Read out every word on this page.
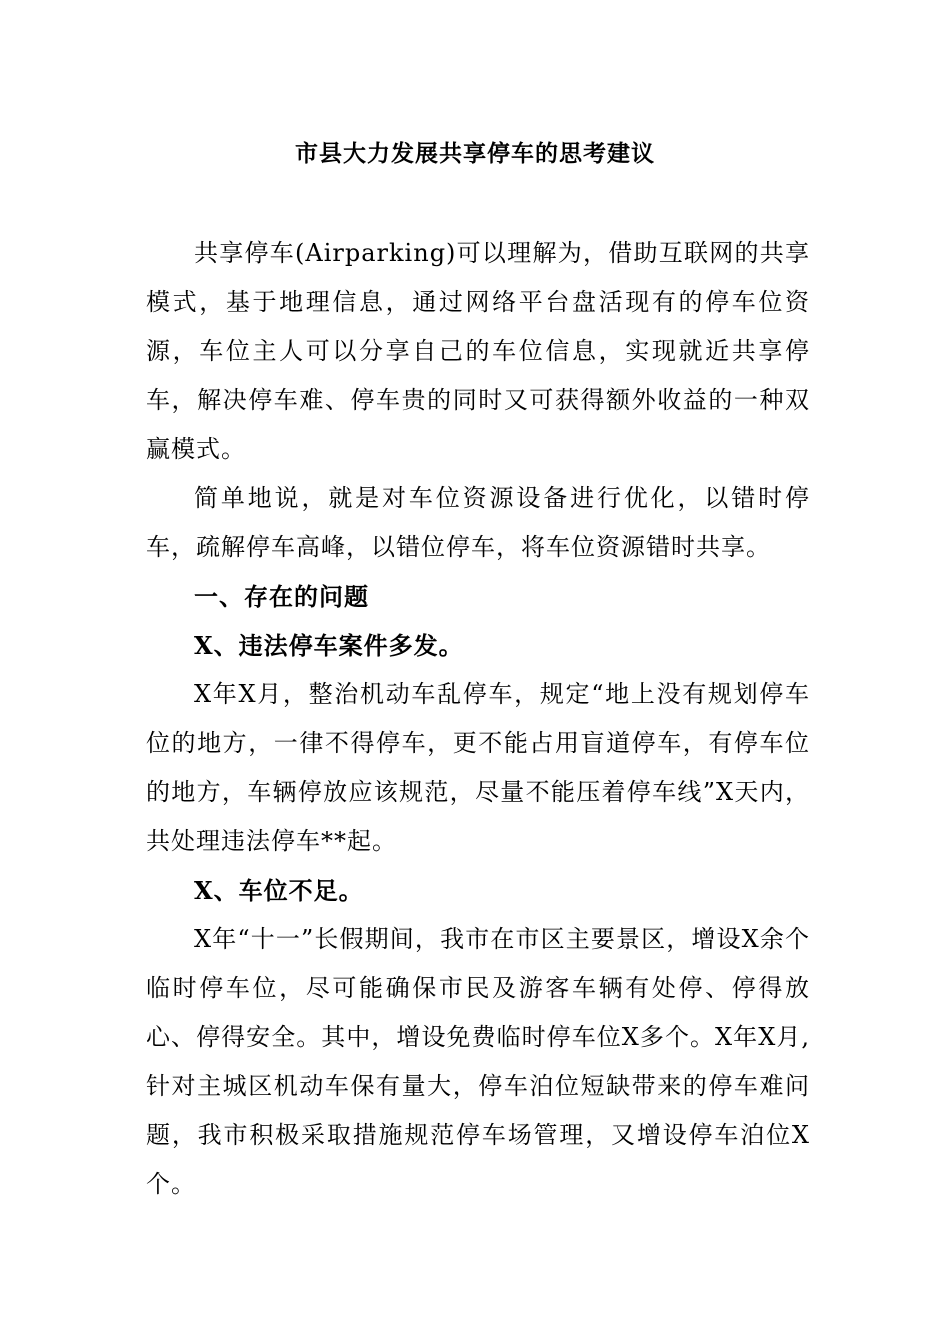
市县大力发展共享停车的思考建议

共享停车(Airparking)可以理解为，借助互联网的共享模式，基于地理信息，通过网络平台盘活现有的停车位资源，车位主人可以分享自己的车位信息，实现就近共享停车，解决停车难、停车贵的同时又可获得额外收益的一种双赢模式。

简单地说，就是对车位资源设备进行优化，以错时停车，疏解停车高峰，以错位停车，将车位资源错时共享。

一、存在的问题

X、违法停车案件多发。

X年X月，整治机动车乱停车，规定“地上没有规划停车位的地方，一律不得停车，更不能占用盲道停车，有停车位的地方，车辆停放应该规范，尽量不能压着停车线”X天内，共处理违法停车**起。

X、车位不足。

X年“十一”长假期间，我市在市区主要景区，增设X余个临时停车位，尽可能确保市民及游客车辆有处停、停得放心、停得安全。其中，增设免费临时停车位X多个。X年X月,针对主城区机动车保有量大，停车泊位短缺带来的停车难问题，我市积极采取措施规范停车场管理，又增设停车泊位X个。
